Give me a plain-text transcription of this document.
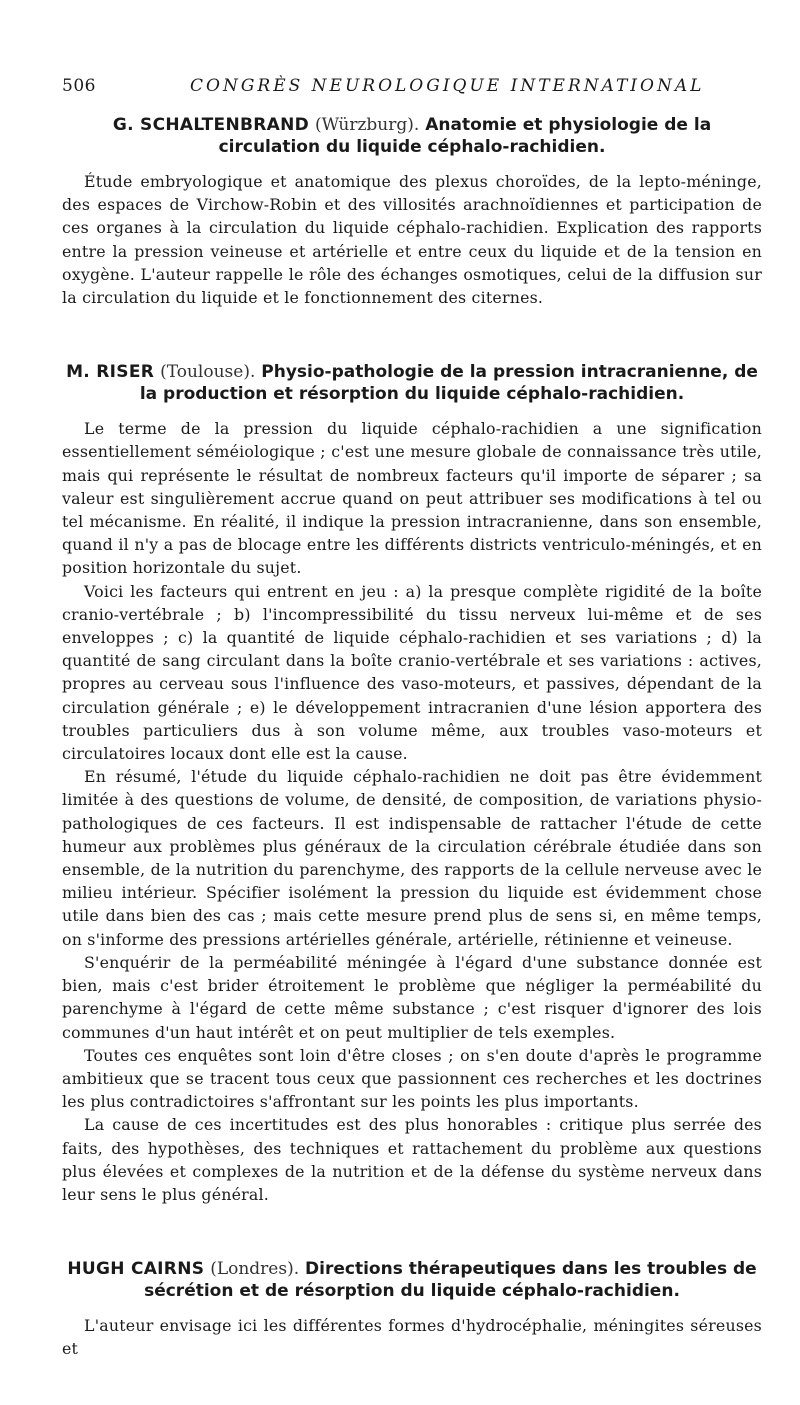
506	CONGRÈS NEUROLOGIQUE INTERNATIONAL

G. SCHALTENBRAND (Würzburg). Anatomie et physiologie de la circulation du liquide céphalo-rachidien.

Étude embryologique et anatomique des plexus choroïdes, de la lepto-méninge, des espaces de Virchow-Robin et des villosités arachnoïdiennes et participation de ces organes à la circulation du liquide céphalo-rachidien. Explication des rapports entre la pression veineuse et artérielle et entre ceux du liquide et de la tension en oxygène. L'auteur rappelle le rôle des échanges osmotiques, celui de la diffusion sur la circulation du liquide et le fonctionnement des citernes.

M. RISER (Toulouse). Physio-pathologie de la pression intracranienne, de la production et résorption du liquide céphalo-rachidien.

Le terme de la pression du liquide céphalo-rachidien a une signification essentiellement séméiologique ; c'est une mesure globale de connaissance très utile, mais qui représente le résultat de nombreux facteurs qu'il importe de séparer ; sa valeur est singulièrement accrue quand on peut attribuer ses modifications à tel ou tel mécanisme. En réalité, il indique la pression intracranienne, dans son ensemble, quand il n'y a pas de blocage entre les différents districts ventriculo-méningés, et en position horizontale du sujet.

Voici les facteurs qui entrent en jeu : a) la presque complète rigidité de la boîte cranio-vertébrale ; b) l'incompressibilité du tissu nerveux lui-même et de ses enveloppes ; c) la quantité de liquide céphalo-rachidien et ses variations ; d) la quantité de sang circulant dans la boîte cranio-vertébrale et ses variations : actives, propres au cerveau sous l'influence des vaso-moteurs, et passives, dépendant de la circulation générale ; e) le développement intracranien d'une lésion apportera des troubles particuliers dus à son volume même, aux troubles vaso-moteurs et circulatoires locaux dont elle est la cause.

En résumé, l'étude du liquide céphalo-rachidien ne doit pas être évidemment limitée à des questions de volume, de densité, de composition, de variations physio-pathologiques de ces facteurs. Il est indispensable de rattacher l'étude de cette humeur aux problèmes plus généraux de la circulation cérébrale étudiée dans son ensemble, de la nutrition du parenchyme, des rapports de la cellule nerveuse avec le milieu intérieur. Spécifier isolément la pression du liquide est évidemment chose utile dans bien des cas ; mais cette mesure prend plus de sens si, en même temps, on s'informe des pressions artérielles générale, artérielle, rétinienne et veineuse.

S'enquérir de la perméabilité méningée à l'égard d'une substance donnée est bien, mais c'est brider étroitement le problème que négliger la perméabilité du parenchyme à l'égard de cette même substance ; c'est risquer d'ignorer des lois communes d'un haut intérêt et on peut multiplier de tels exemples.

Toutes ces enquêtes sont loin d'être closes ; on s'en doute d'après le programme ambitieux que se tracent tous ceux que passionnent ces recherches et les doctrines les plus contradictoires s'affrontant sur les points les plus importants.

La cause de ces incertitudes est des plus honorables : critique plus serrée des faits, des hypothèses, des techniques et rattachement du problème aux questions plus élevées et complexes de la nutrition et de la défense du système nerveux dans leur sens le plus général.

HUGH CAIRNS (Londres). Directions thérapeutiques dans les troubles de sécrétion et de résorption du liquide céphalo-rachidien.

L'auteur envisage ici les différentes formes d'hydrocéphalie, méningites séreuses et
